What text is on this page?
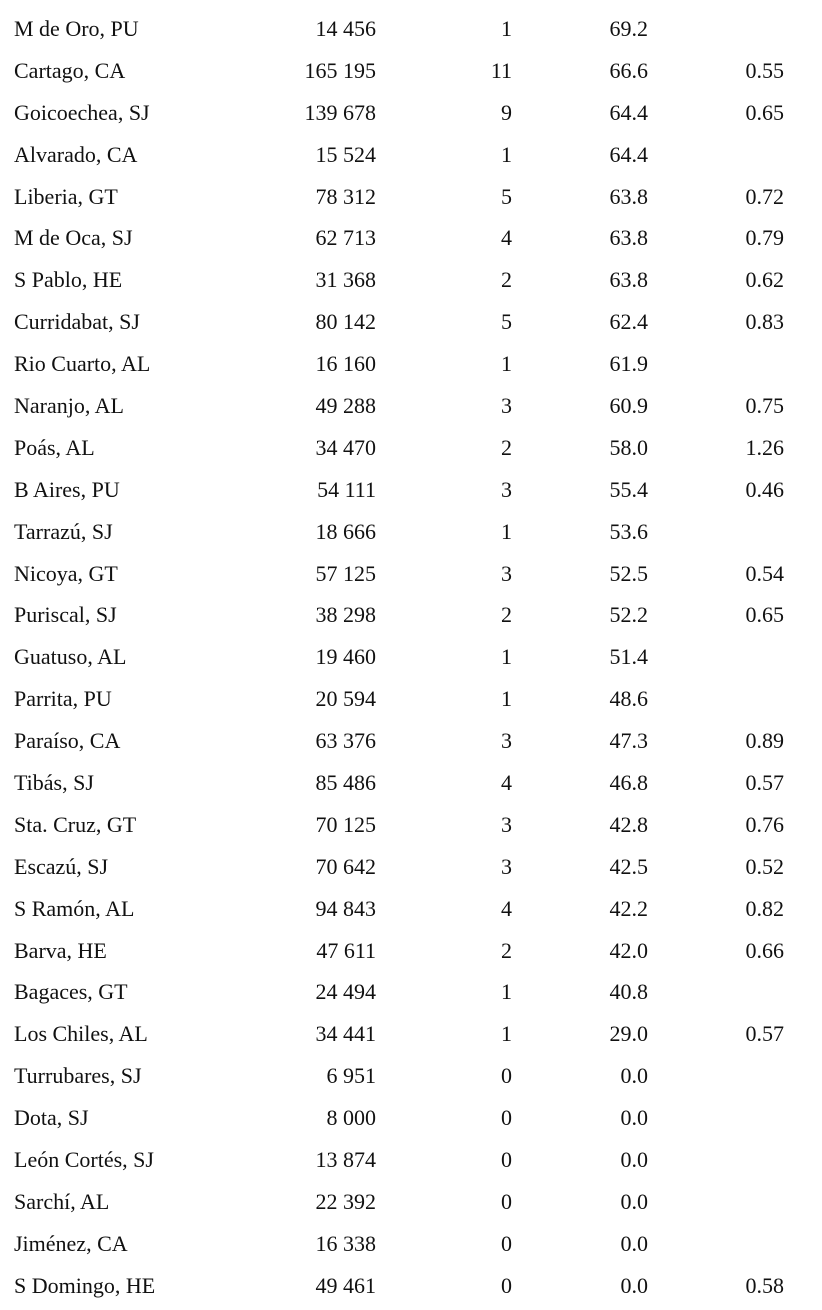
M de Oro, PU	14 456	1	69.2
Cartago, CA	165 195	11	66.6	0.55
Goicoechea, SJ	139 678	9	64.4	0.65
Alvarado, CA	15 524	1	64.4
Liberia, GT	78 312	5	63.8	0.72
M de Oca, SJ	62 713	4	63.8	0.79
S Pablo, HE	31 368	2	63.8	0.62
Curridabat, SJ	80 142	5	62.4	0.83
Rio Cuarto, AL	16 160	1	61.9
Naranjo, AL	49 288	3	60.9	0.75
Poás, AL	34 470	2	58.0	1.26
B Aires, PU	54 111	3	55.4	0.46
Tarrazú, SJ	18 666	1	53.6
Nicoya, GT	57 125	3	52.5	0.54
Puriscal, SJ	38 298	2	52.2	0.65
Guatuso, AL	19 460	1	51.4
Parrita, PU	20 594	1	48.6
Paraíso, CA	63 376	3	47.3	0.89
Tibás, SJ	85 486	4	46.8	0.57
Sta. Cruz, GT	70 125	3	42.8	0.76
Escazú, SJ	70 642	3	42.5	0.52
S Ramón, AL	94 843	4	42.2	0.82
Barva, HE	47 611	2	42.0	0.66
Bagaces, GT	24 494	1	40.8
Los Chiles, AL	34 441	1	29.0	0.57
Turrubares, SJ	6 951	0	0.0
Dota, SJ	8 000	0	0.0
León Cortés, SJ	13 874	0	0.0
Sarchí, AL	22 392	0	0.0
Jiménez, CA	16 338	0	0.0
S Domingo, HE	49 461	0	0.0	0.58
